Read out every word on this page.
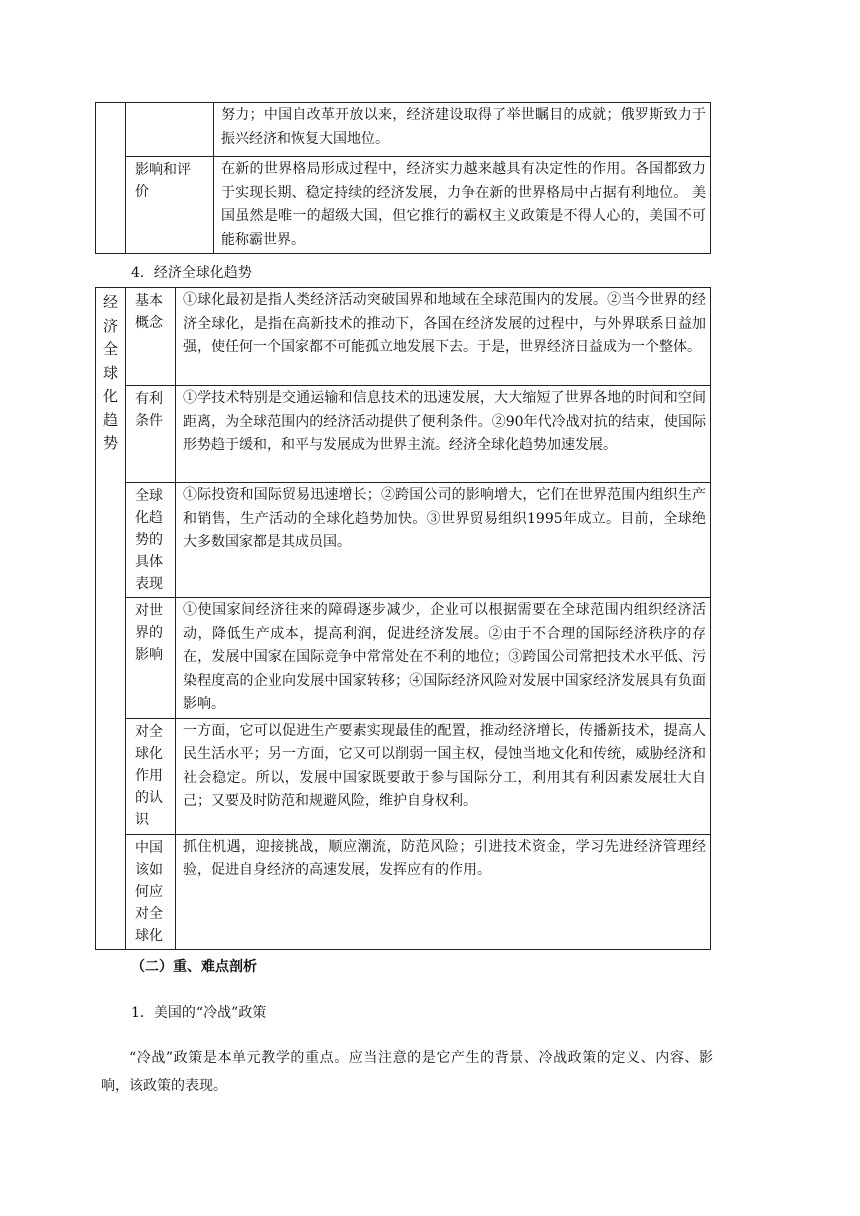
		努力；中国自改革开放以来，经济建设取得了举世瞩目的成就；俄罗斯致力于振兴经济和恢复大国地位。

	影响和评价	在新的世界格局形成过程中，经济实力越来越具有决定性的作用。各国都致力于实现长期、稳定持续的经济发展，力争在新的世界格局中占据有利地位。 美国虽然是唯一的超级大国，但它推行的霸权主义政策是不得人心的，美国不可能称霸世界。
4．经济全球化趋势
经济全球化趋势	基本概念	①球化最初是指人类经济活动突破国界和地域在全球范围内的发展。②当今世界的经济全球化，是指在高新技术的推动下，各国在经济发展的过程中，与外界联系日益加强，使任何一个国家都不可能孤立地发展下去。于是，世界经济日益成为一个整体。

	有利条件	①学技术特别是交通运输和信息技术的迅速发展，大大缩短了世界各地的时间和空间距离，为全球范围内的经济活动提供了便利条件。②90年代冷战对抗的结束，使国际形势趋于缓和，和平与发展成为世界主流。经济全球化趋势加速发展。

	全球化趋势的具体表现	①际投资和国际贸易迅速增长；②跨国公司的影响增大，它们在世界范围内组织生产和销售，生产活动的全球化趋势加快。③世界贸易组织1995年成立。目前，全球绝大多数国家都是其成员国。

	对世界的影响	①使国家间经济往来的障碍逐步减少，企业可以根据需要在全球范围内组织经济活动，降低生产成本，提高利润，促进经济发展。②由于不合理的国际经济秩序的存在，发展中国家在国际竞争中常常处在不利的地位；③跨国公司常把技术水平低、污染程度高的企业向发展中国家转移；④国际经济风险对发展中国家经济发展具有负面影响。

	对全球化作用的认识	一方面，它可以促进生产要素实现最佳的配置，推动经济增长，传播新技术，提高人民生活水平；另一方面，它又可以削弱一国主权，侵蚀当地文化和传统，威胁经济和社会稳定。所以，发展中国家既要敢于参与国际分工，利用其有利因素发展壮大自己；又要及时防范和规避风险，维护自身权利。

	中国该如何应对全球化	抓住机遇，迎接挑战，顺应潮流，防范风险；引进技术资金，学习先进经济管理经验，促进自身经济的高速发展，发挥应有的作用。
（二）重、难点剖析
1．美国的“冷战”政策
“冷战”政策是本单元教学的重点。应当注意的是它产生的背景、冷战政策的定义、内容、影响，该政策的表现。
